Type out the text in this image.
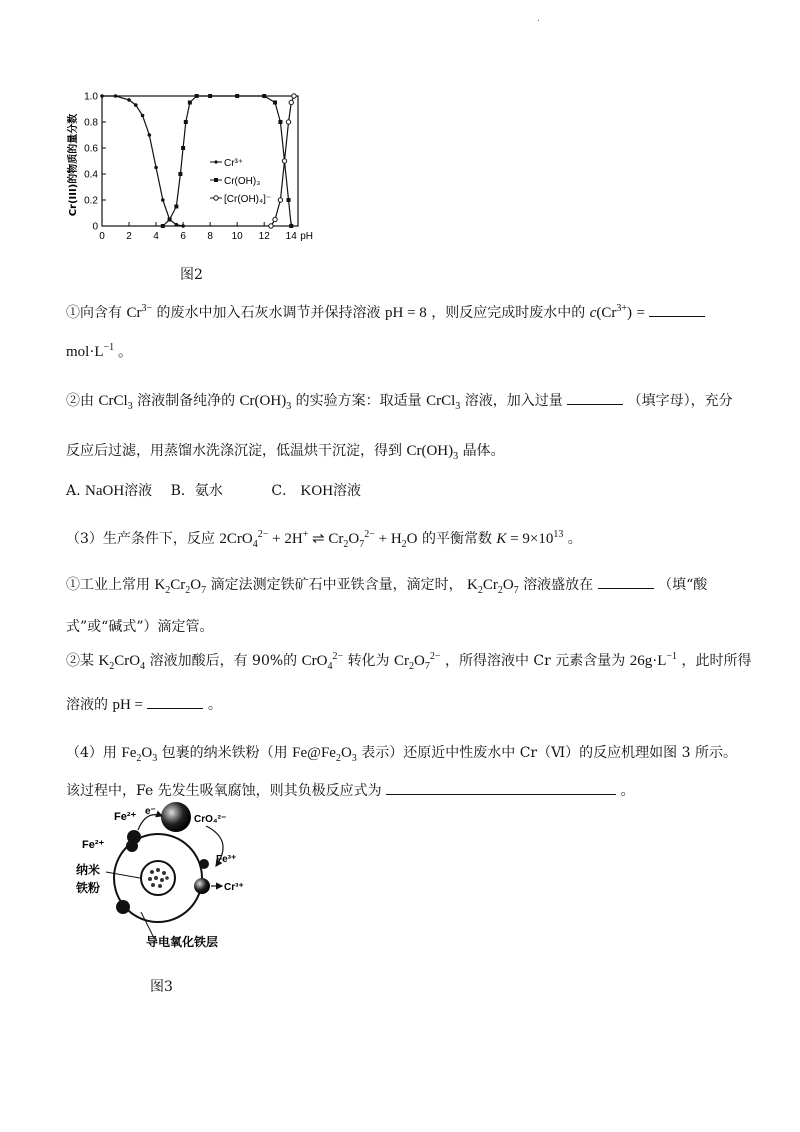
.
Cr(III)的物质的量分数
1.0
0.8
0.6
0.4
0.2
0
0 2 4 6 8 10 12 14 pH
Cr³⁺
Cr(OH)₃
[Cr(OH)₄]⁻
图2
①向含有 $Cr^{3-}$ 的废水中加入石灰水调节并保持溶液 pH = 8 ，则反应完成时废水中的 $c(Cr^{3+})$ =
$mol\cdot L^{-1}$ 。
②由 CrCl$_3$ 溶液制备纯净的 $Cr(OH)_3$ 的实验方案：取适量 CrCl$_3$ 溶液，加入过量	（填字母），充分
反应后过滤，用蒸馏水洗涤沉淀，低温烘干沉淀，得到 $Cr(OH)_3$ 晶体。
A. NaOH溶液 B．氨水	C． KOH溶液
（3）生产条件下，反应 2CrO$_4^{2-}$ + 2H+ ⇌ $Cr_2O_7^{2-} + H_2O$ 的平衡常数 $K = 9\times 10^{13}$ 。
①工业上常用 $K_2Cr_2O_7$ 滴定法测定铁矿石中亚铁含量，滴定时， $K_2Cr_2O_7$ 溶液盛放在	（填“酸
式”或“碱式”）滴定管。
②某 $K_2CrO_4$ 溶液加酸后，有 90%的 CrO$_4^{2-}$ 转化为 $Cr_2O_7^{2-}$ ，所得溶液中 Cr 元素含量为 $26g\cdot L^{-1}$ ，此时所得
溶液的 pH =	。
（4）用 $Fe_2O_3$ 包裹的纳米铁粉（用 $Fe@Fe_2O_3$ 表示）还原近中性废水中 Cr（Ⅵ）的反应机理如图 3 所示。
该过程中，Fe 先发生吸氧腐蚀，则其负极反应式为	。
Fe²⁺ e⁻
CrO₄²⁻
Fe²⁺
Fe³⁺
Cr³⁺
纳米
铁粉
导电氧化铁层
图3
